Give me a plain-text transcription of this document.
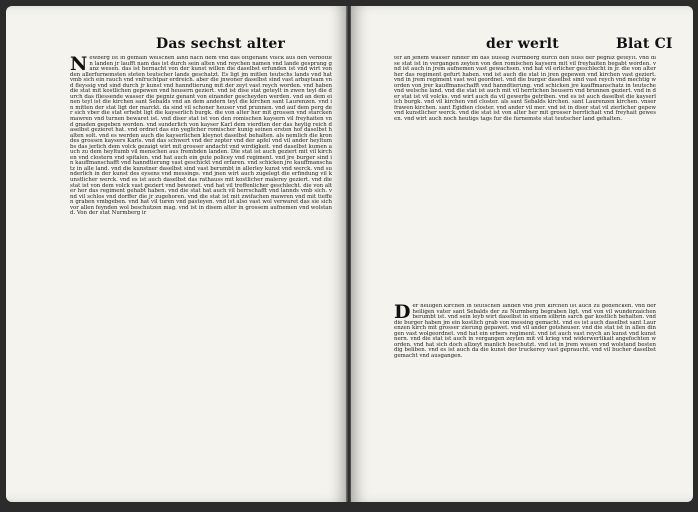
Das sechst alter
Newberg ist in gemain welschen land nach dem vnd das oftgenant volck aus den verbotten landen jr laufft nam das ist durch sein alten vnd reychen namen vnd lande gesprung ganz wesen. das ist hernacht von der kunst willen die daselbst erfunden ist vnd wirt von den allerfurnemsten steten teutscher lands geschatzt. Es ligt jm mitlen teutschs lands vnd hat vmb sich ein rauch vnd vnfruchtpar erdreich. aber die jnwoner daselbst sind vast arbaytsam vnd fleyssig vnd sind durch jr kunst vnd hanndtierung mit der zeyt vast reych worden. vnd haben die stat mit kostlichen gepewen vnd heusern geziert. vnd ist dise stat geteylt in zwen teyl die durch das fliessende wasser die pegniz genant von einander gescheyden werden. vnd an dem einen teyl ist die kirchen sant Sebalds vnd an dem andern teyl die kirchen sant Laurenzen. vnd in mitten der stat ligt der marckt. da sind vil schoner heuser vnd prunnen. vnd auf dem perg der sich vber die stat erhebt ligt die kayserlich burgk. die von alter her mit grossen vnd starcken mawren vnd turnen bewaret ist. vnd diser stat ist von den romischen kaysern vil freyhaiten vnd gnaden gegeben worden. vnd sunderlich von kayser Karl dem vierdten der das heylig reich daselbst gezieret hat. vnd ordnet das ein yeglicher romischer kunig seinen ersten hof daselbst halten solt. vnd es werden auch die kayserlichen kleynot daselbst behalten. als nemlich die kron des grossen kaysers Karls. vnd das schwert vnd der zepter vnd der apfel vnd vil ander heyltumbs das jerlich dem volck gezaigt wirt mit grosser andacht vnd wirdigkeit. vnd daselbst kumen auch zu dem heyltumb vil menschen aus frembden landen. Die stat ist auch geziert mit vil kirchen vnd clostern vnd spitalen. vnd hat auch ein gute policey vnd regiment. vnd jre burger sind in kauffmanschafft vnd hanndtierung vast geschickt vnd erfaren. vnd schicken jre kauffmanschatz in alle land. vnd die kunstner daselbst sind vast berumbt in allerley kunst vnd werck. vnd sunderlich in der kunst des eysens vnd messings. vnd jnen wirt auch zugelegt die erfindung vil kunstlicher werck. vnd es ist auch daselbst das rathauss mit kostlicher malerey geziert. vnd die stat ist von dem volck vast geziert vnd bewonet. vnd hat vil treffenlicher geschlecht. die von alter her das regiment gehabt haben. vnd die stat hat auch vil herrschafft vnd lannds vmb sich. vnd vil schlos vnd dorffer die jr zugehoren. vnd die stat ist mit zwifachen mawren vnd mit tieffen graben vmbgeben. vnd hat vil turen vnd pasteyen. vnd ist also vast wol verwaret das sie sich vor allen feynden wol beschutzen mag. vnd ist in disem alter in grossem aufnemen vnd wolstand. Von der stat Nurmberg ir
der werlt	Blat CI
ter an jenem wasser hinder im das flussig Nurmberg durch den fluss der pegniz geteylt. vnd dise stat ist in vergangen zeyten von den romischen kaysern mit vil freyhaiten begabt worden. vnd ist auch in jrem aufnemen vast gewachsen. vnd hat vil erlicher geschlecht in jr. die von alter her das regiment gefurt haben. vnd ist auch die stat in jren gepewen vnd kirchen vast geziert. vnd in jrem regiment vast wol geordnet. vnd die burger daselbst sind vast reych vnd mechtig worden von jrer kauffmanschafft vnd hanndtierung. vnd schicken jre kauffmanschatz in teutsche vnd welsche land. vnd die stat ist auch mit vil herrlichen heusern vnd brunnen geziert. vnd in der stat ist vil volcks. vnd wirt auch da vil gewerbs getriben. vnd es ist auch daselbst die kayserlich burgk. vnd vil kirchen vnd closter. als sant Sebalds kirchen. sant Laurenzen kirchen. vnser frawen kirchen. sant Egidien closter. vnd ander vil mer. vnd ist in diser stat vil zierlicher gepew vnd kunstlicher werck. vnd die stat ist von alter her mit grosser herrlichait vnd freyhait gewesen. vnd wirt auch noch heutigs tags fur die furnemste stat teutscher land gehalten.
Der heiligen kirchen in teutschen landen vnd jren kirchen ist auch zu gedencken. vnd der heiligen vater sant Sebalds der zu Nurmberg begraben ligt. vnd von vil wunderzaichen berumbt ist. vnd sein leyb wirt daselbst in einem silbrin sarch gar kostlich behalten. vnd die burger haben jm ein kostlich grab von messing gemacht. vnd es ist auch daselbst sant Laurenzen kirch mit grosser zierung gepawet. vnd vil ander gotsheuser. vnd die stat ist in allen dingen vast wolgeordnet. vnd hat ein erbers regiment. vnd ist auch vast reych an kunst vnd kunstnern. vnd die stat ist auch in vergangen zeyten mit vil krieg vnd widerwertikait angefochten worden. vnd hat sich doch allzeyt manlich beschutzt. vnd ist in jrem wesen vnd wolstand bestendig beliben. vnd es ist auch da die kunst der truckerey vast gepraucht. vnd vil bucher daselbst gemacht vnd ausgangen.
